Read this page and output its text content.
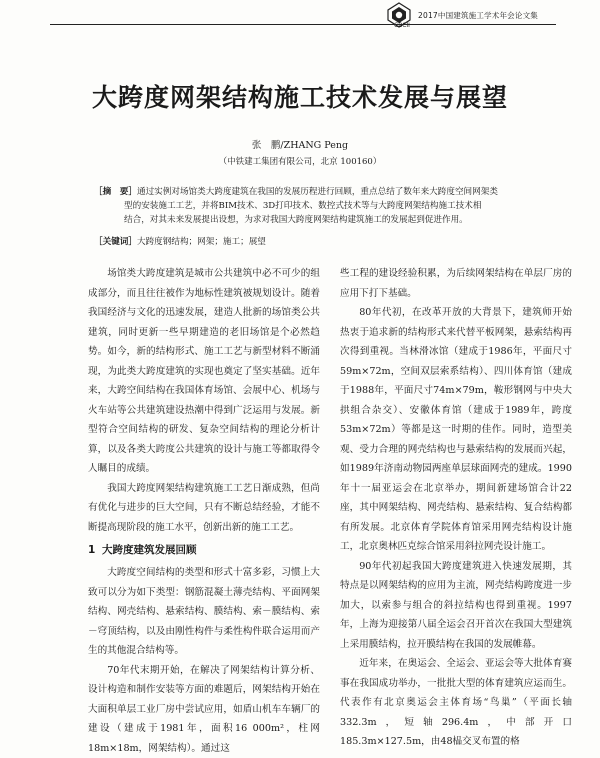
CBCII
2017中国建筑施工学术年会论文集
大跨度网架结构施工技术发展与展望
张　鹏/ZHANG Peng
（中铁建工集团有限公司，北京 100160）
［摘　要］通过实例对场馆类大跨度建筑在我国的发展历程进行回顾，重点总结了数年来大跨度空间网架类
型的安装施工工艺，并将BIM技术、3D打印技术、数控式技术等与大跨度网架结构施工技术相
结合，对其未来发展提出设想，为求对我国大跨度网架结构建筑施工的发展起到促进作用。
［关键词］大跨度钢结构；网架；施工；展望

场馆类大跨度建筑是城市公共建筑中必不可少的组成部分，而且往往被作为地标性建筑被规划设计。随着我国经济与文化的迅速发展，建造人批新的场馆类公共建筑，同时更新一些早期建造的老旧场馆是个必然趋势。如今，新的结构形式、施工工艺与新型材料不断涌现，为此类大跨度建筑的实现也奠定了坚实基础。近年来，大跨空间结构在我国体育场馆、会展中心、机场与火车站等公共建筑建设热潮中得到广泛运用与发展。新型符合空间结构的研发、复杂空间结构的理论分析计算，以及各类大跨度公共建筑的设计与施工等都取得令人瞩目的成绩。

我国大跨度网架结构建筑施工工艺日渐成熟，但尚有优化与进步的巨大空间，只有不断总结经验，才能不断提高现阶段的施工水平，创新出新的施工工艺。

1 大跨度建筑发展回顾

大跨度空间结构的类型和形式十富多彩，习惯上大致可以分为如下类型：钢筋混凝土薄壳结构、平面网架结构、网壳结构、悬索结构、膜结构、索－膜结构、索－穹顶结构，以及由刚性构件与柔性构件联合运用而产生的其他混合结构等。

70年代末期开始，在解决了网架结构计算分析、设计构造和制作安装等方面的难题后，网架结构开始在大面积单层工业厂房中尝试应用，如盾山机车车辆厂的建设（建成于1981年，面积16 000m²，柱网18m×18m，网架结构）。通过这

些工程的建设经验积累，为后续网架结构在单层厂房的应用下打下基础。

80年代初，在改革开放的大背景下，建筑师开始热衷于追求新的结构形式来代替平板网架，悬索结构再次得到重视。当林滑冰馆（建成于1986年，平面尺寸59m×72m，空间双层索系结构）、四川体育馆（建成于1988年，平面尺寸74m×79m，鞍形钢网与中央大拱组合杂交）、安徽体育馆（建成于1989年，跨度53m×72m）等都是这一时期的佳作。同时，造型美观、受力合理的网壳结构也与悬索结构的发展而兴起，如1989年济南动物园两座单层球面网壳的建成。1990年十一届亚运会在北京举办，期间新建场馆合计22座，其中网架结构、网壳结构、悬索结构、复合结构都有所发展。北京体育学院体育馆采用网壳结构设计施工，北京奥林匹克综合馆采用斜拉网壳设计施工。

90年代初起我国大跨度建筑进入快速发展期，其特点是以网架结构的应用为主流，网壳结构跨度进一步加大，以索参与组合的斜拉结构也得到重视。1997年，上海为迎接第八届全运会召开首次在我国大型建筑上采用膜结构，拉开膜结构在我国的发展帷幕。

近年来，在奥运会、全运会、亚运会等大批体育赛事在我国成功举办，一批批大型的体育建筑应运而生。代表作有北京奥运会主体育场“鸟巢”（平面长轴332.3m，短轴296.4m，中部开口185.3m×127.5m，由48榀交叉布置的格
